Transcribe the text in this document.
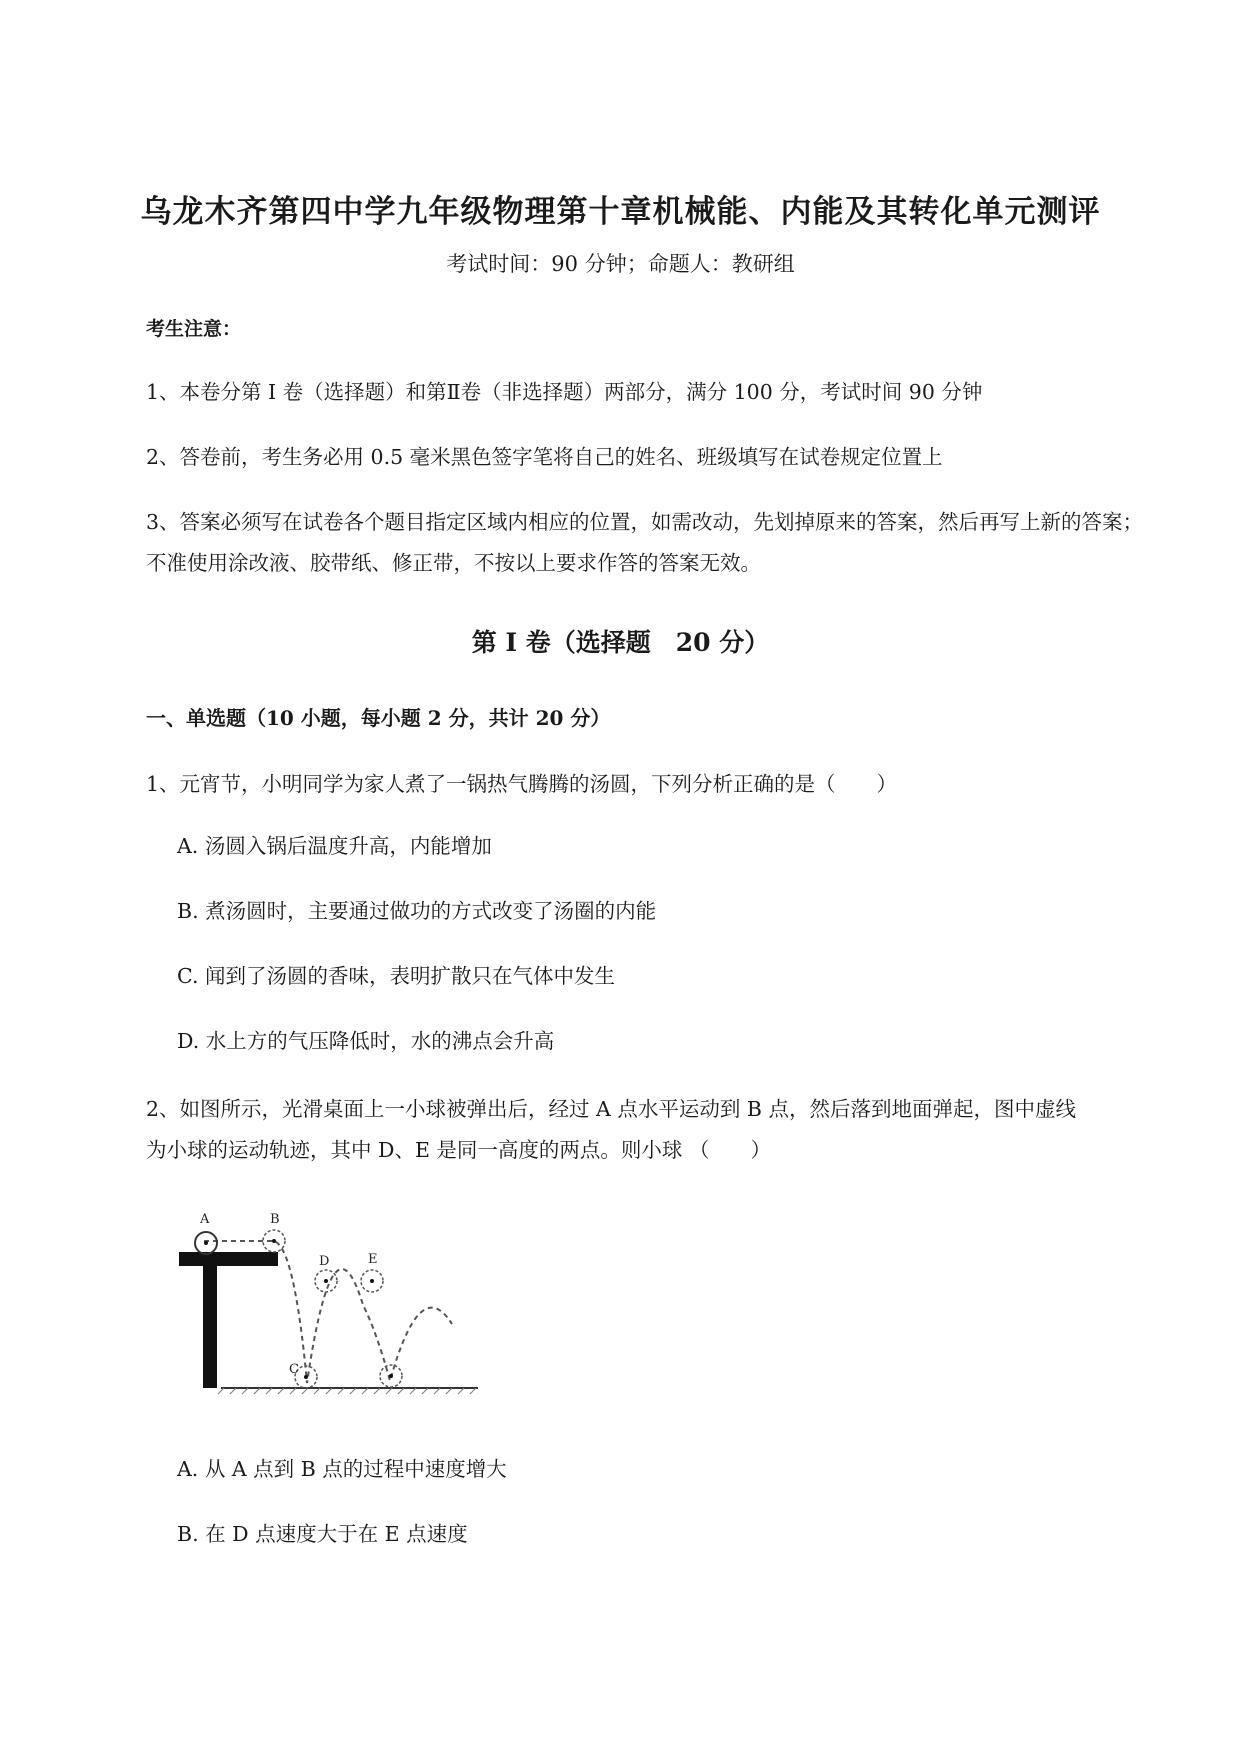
乌龙木齐第四中学九年级物理第十章机械能、内能及其转化单元测评
考试时间：90 分钟；命题人：教研组
考生注意：
1、本卷分第 I 卷（选择题）和第Ⅱ卷（非选择题）两部分，满分 100 分，考试时间 90 分钟
2、答卷前，考生务必用 0.5 毫米黑色签字笔将自己的姓名、班级填写在试卷规定位置上
3、答案必须写在试卷各个题目指定区域内相应的位置，如需改动，先划掉原来的答案，然后再写上新的答案；不准使用涂改液、胶带纸、修正带，不按以上要求作答的答案无效。
第 I 卷（选择题　20 分）
一、单选题（10 小题，每小题 2 分，共计 20 分）
1、元宵节，小明同学为家人煮了一锅热气腾腾的汤圆，下列分析正确的是（　　）
A. 汤圆入锅后温度升高，内能增加
B. 煮汤圆时，主要通过做功的方式改变了汤圈的内能
C. 闻到了汤圆的香味，表明扩散只在气体中发生
D. 水上方的气压降低时，水的沸点会升高
2、如图所示，光滑桌面上一小球被弹出后，经过 A 点水平运动到 B 点，然后落到地面弹起，图中虚线
为小球的运动轨迹，其中 D、E 是同一高度的两点。则小球 （　　）
A	B
D	E
C
A. 从 A 点到 B 点的过程中速度增大
B. 在 D 点速度大于在 E 点速度
